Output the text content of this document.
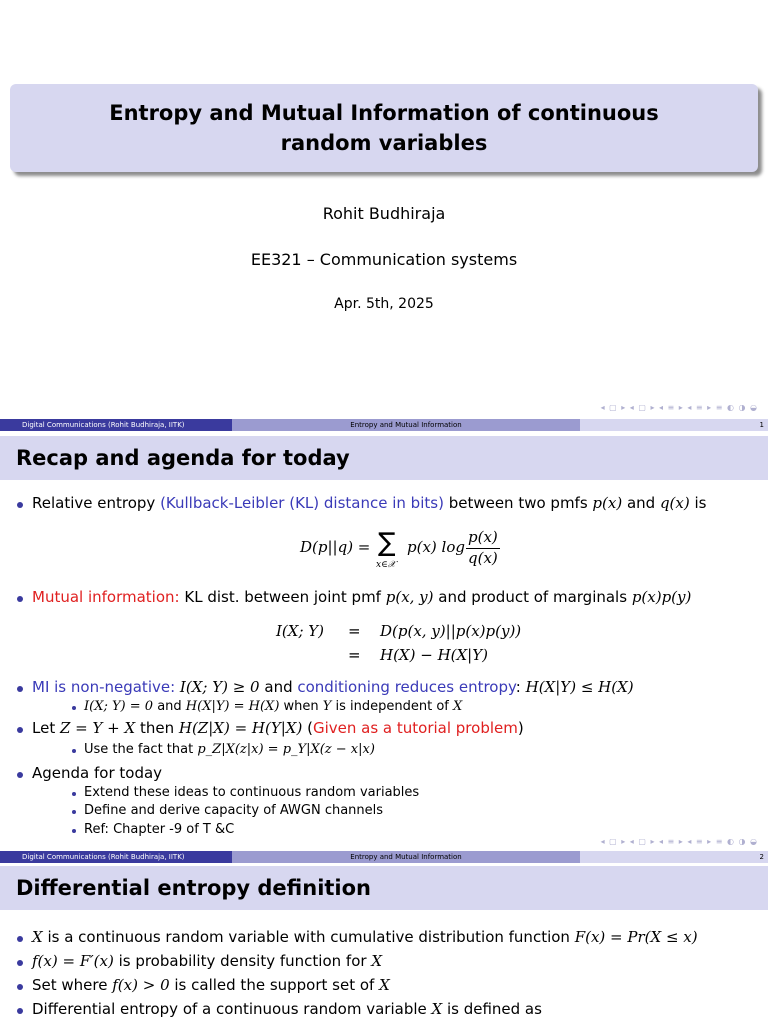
Entropy and Mutual Information of continuous random variables
Rohit Budhiraja
EE321 – Communication systems
Apr. 5th, 2025
◂ ▢ ▸ ◂ ▢ ▸ ◂ ≡ ▸ ◂ ≡ ▸ ≡ ◐ ◑ ◒
Digital Communications (Rohit Budhiraja, IITK)	Entropy and Mutual Information	1
Recap and agenda for today
Relative entropy (Kullback-Leibler (KL) distance in bits) between two pmfs p(x) and q(x) is
D(p||q) = ∑
x∈𝒳
p(x) log
p(x)
q(x)
Mutual information: KL dist. between joint pmf p(x, y) and product of marginals p(x)p(y)
I(X; Y) = D(p(x, y)||p(x)p(y))
= H(X) − H(X|Y)
MI is non-negative: I(X; Y) ≥ 0 and conditioning reduces entropy: H(X|Y) ≤ H(X)
I(X; Y) = 0 and H(X|Y) = H(X) when Y is independent of X
Let Z = Y + X then H(Z|X) = H(Y|X) (Given as a tutorial problem)
Use the fact that p_Z|X(z|x) = p_Y|X(z − x|x)
Agenda for today
Extend these ideas to continuous random variables
Define and derive capacity of AWGN channels
Ref: Chapter -9 of T &C
◂ ▢ ▸ ◂ ▢ ▸ ◂ ≡ ▸ ◂ ≡ ▸ ≡ ◐ ◑ ◒
Digital Communications (Rohit Budhiraja, IITK)	Entropy and Mutual Information	2
Differential entropy definition
X is a continuous random variable with cumulative distribution function F(x) = Pr(X ≤ x)
f(x) = F′(x) is probability density function for X
Set where f(x) > 0 is called the support set of X
Differential entropy of a continuous random variable X is defined as
